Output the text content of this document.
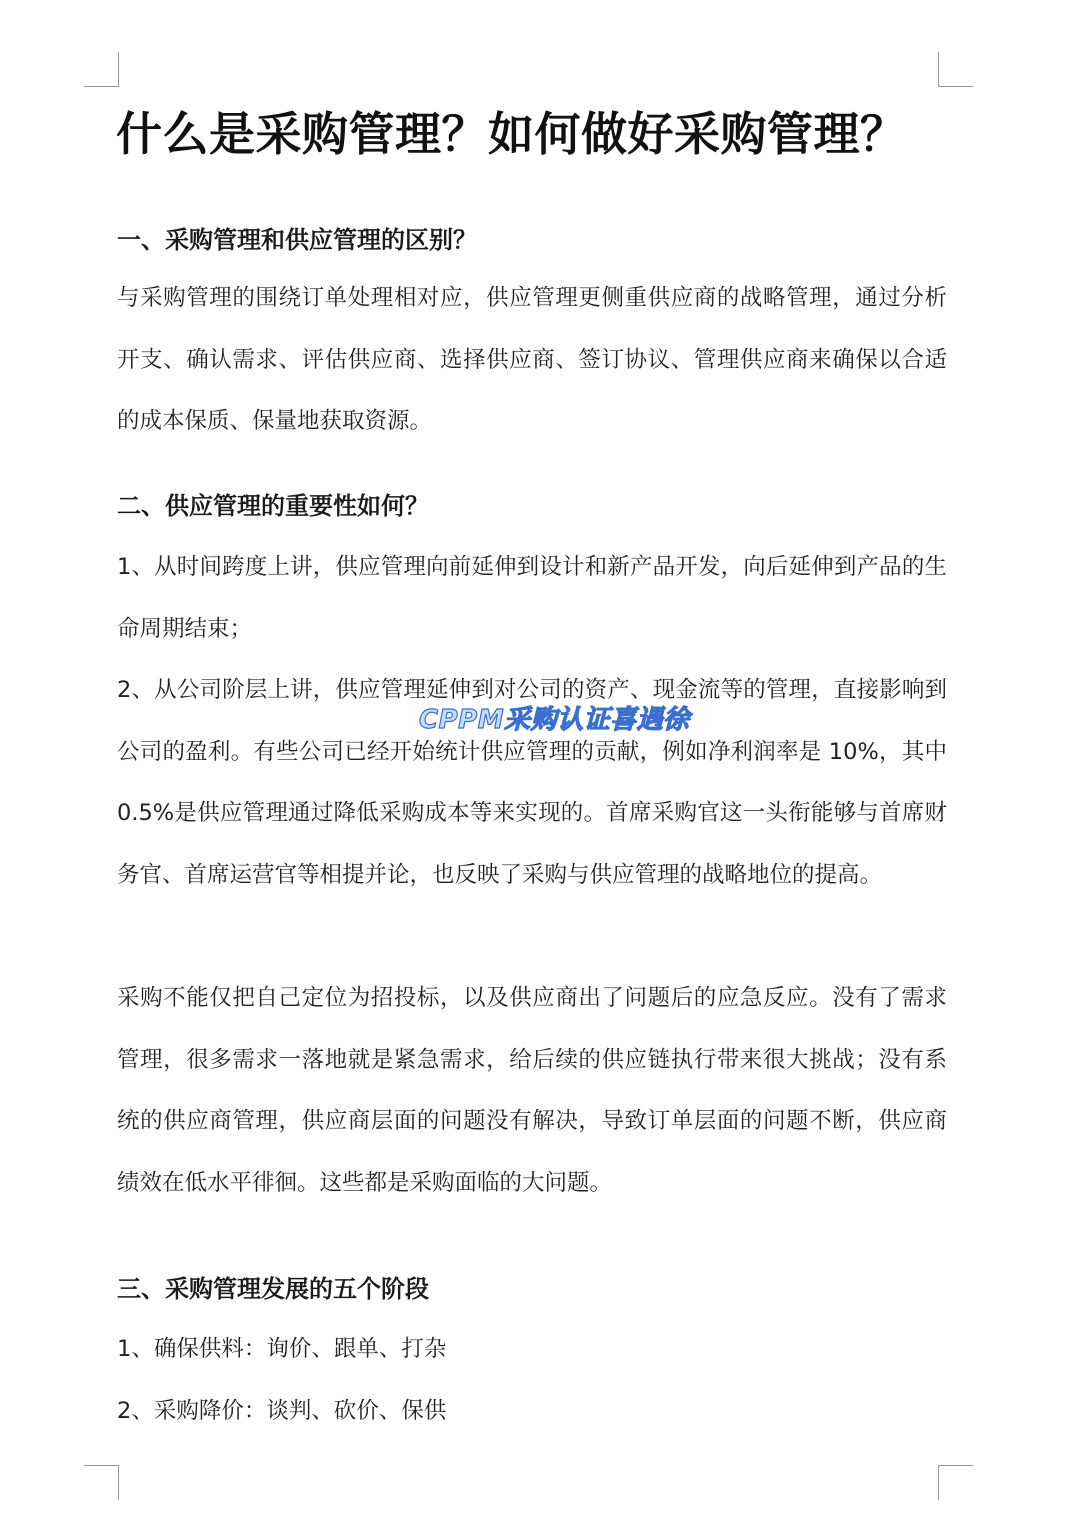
什么是采购管理？如何做好采购管理？
一、采购管理和供应管理的区别？

与采购管理的围绕订单处理相对应，供应管理更侧重供应商的战略管理，通过分析开支、确认需求、评估供应商、选择供应商、签订协议、管理供应商来确保以合适的成本保质、保量地获取资源。

二、供应管理的重要性如何？

1、从时间跨度上讲，供应管理向前延伸到设计和新产品开发，向后延伸到产品的生命周期结束；

2、从公司阶层上讲，供应管理延伸到对公司的资产、现金流等的管理，直接影响到公司的盈利。有些公司已经开始统计供应管理的贡献，例如净利润率是 10%，其中 0.5%是供应管理通过降低采购成本等来实现的。首席采购官这一头衔能够与首席财务官、首席运营官等相提并论，也反映了采购与供应管理的战略地位的提高。

采购不能仅把自己定位为招投标，以及供应商出了问题后的应急反应。没有了需求管理，很多需求一落地就是紧急需求，给后续的供应链执行带来很大挑战；没有系统的供应商管理，供应商层面的问题没有解决，导致订单层面的问题不断，供应商绩效在低水平徘徊。这些都是采购面临的大问题。

三、采购管理发展的五个阶段

1、确保供料：询价、跟单、打杂

2、采购降价：谈判、砍价、保供

CPPM采购认证喜遇徐
